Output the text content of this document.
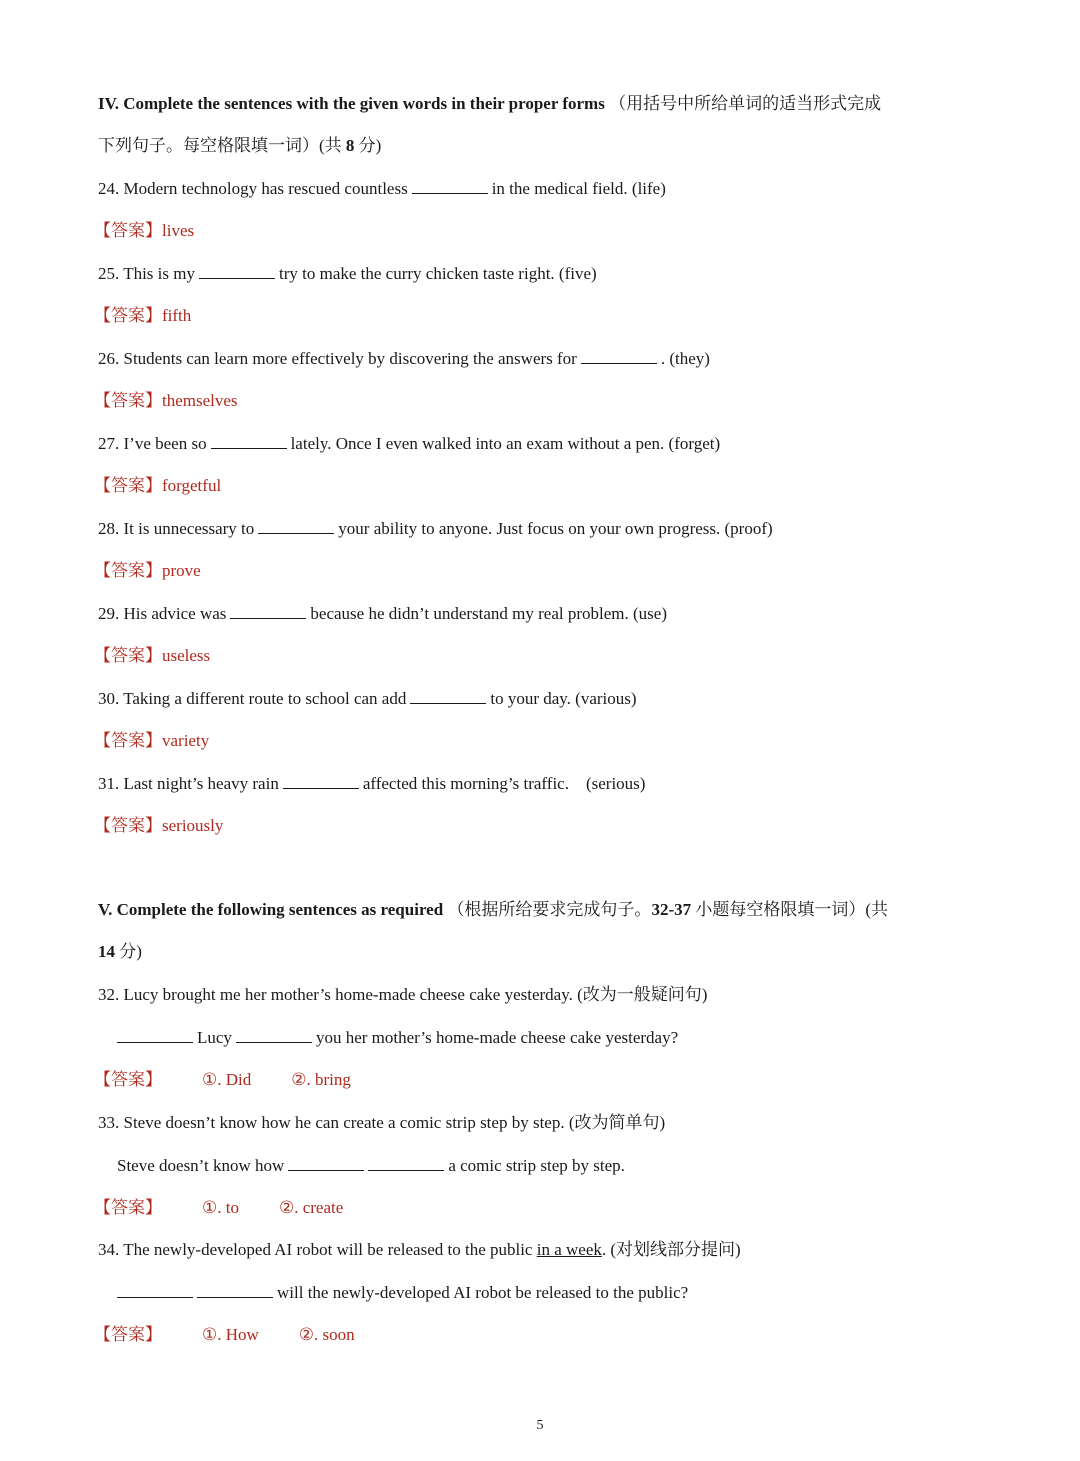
IV. Complete the sentences with the given words in their proper forms （用括号中所给单词的适当形式完成
下列句子。每空格限填一词）(共 8 分)
24. Modern technology has rescued countless	in the medical field. (life)
【答案】lives
25. This is my	try to make the curry chicken taste right. (five)
【答案】fifth
26. Students can learn more effectively by discovering the answers for	. (they)
【答案】themselves
27. I’ve been so	lately. Once I even walked into an exam without a pen. (forget)
【答案】forgetful
28. It is unnecessary to	your ability to anyone. Just focus on your own progress. (proof)
【答案】prove
29. His advice was	because he didn’t understand my real problem. (use)
【答案】useless
30. Taking a different route to school can add	to your day. (various)
【答案】variety
31. Last night’s heavy rain	affected this morning’s traffic.    (serious)
【答案】seriously
V. Complete the following sentences as required （根据所给要求完成句子。32-37 小题每空格限填一词）(共
14 分)
32. Lucy brought me her mother’s home-made cheese cake yesterday. (改为一般疑问句)
Lucy	you her mother’s home-made cheese cake yesterday?
【答案】 ①. Did ②. bring
33. Steve doesn’t know how he can create a comic strip step by step. (改为简单句)
Steve doesn’t know how	a comic strip step by step.
【答案】 ①. to ②. create
34. The newly-developed AI robot will be released to the public in a week. (对划线部分提问)
will the newly-developed AI robot be released to the public?
【答案】 ①. How ②. soon
5
